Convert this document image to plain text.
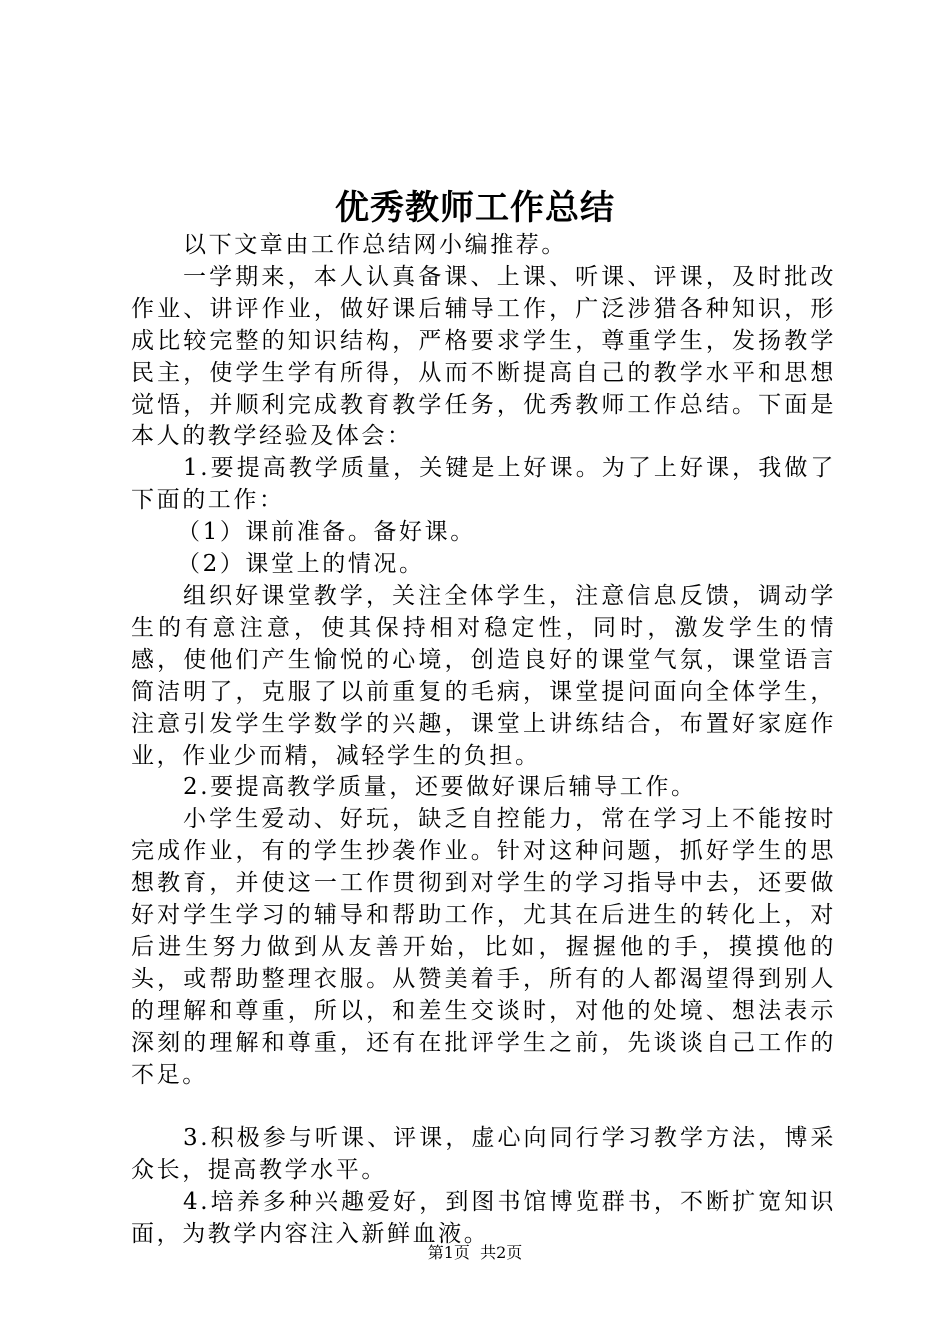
优秀教师工作总结

以下文章由工作总结网小编推荐。

一学期来，本人认真备课、上课、听课、评课，及时批改作业、讲评作业，做好课后辅导工作，广泛涉猎各种知识，形成比较完整的知识结构，严格要求学生，尊重学生，发扬教学民主，使学生学有所得，从而不断提高自己的教学水平和思想觉悟，并顺利完成教育教学任务，优秀教师工作总结。下面是本人的教学经验及体会：

1.要提高教学质量，关键是上好课。为了上好课，我做了下面的工作：

（1）课前准备。备好课。

（2）课堂上的情况。

组织好课堂教学，关注全体学生，注意信息反馈，调动学生的有意注意，使其保持相对稳定性，同时，激发学生的情感，使他们产生愉悦的心境，创造良好的课堂气氛，课堂语言简洁明了，克服了以前重复的毛病，课堂提问面向全体学生，注意引发学生学数学的兴趣，课堂上讲练结合，布置好家庭作业，作业少而精，减轻学生的负担。

2.要提高教学质量，还要做好课后辅导工作。

小学生爱动、好玩，缺乏自控能力，常在学习上不能按时完成作业，有的学生抄袭作业。针对这种问题，抓好学生的思想教育，并使这一工作贯彻到对学生的学习指导中去，还要做好对学生学习的辅导和帮助工作，尤其在后进生的转化上，对后进生努力做到从友善开始，比如，握握他的手，摸摸他的头，或帮助整理衣服。从赞美着手，所有的人都渴望得到别人的理解和尊重，所以，和差生交谈时，对他的处境、想法表示深刻的理解和尊重，还有在批评学生之前，先谈谈自己工作的不足。

3.积极参与听课、评课，虚心向同行学习教学方法，博采众长，提高教学水平。

4.培养多种兴趣爱好，到图书馆博览群书，不断扩宽知识面，为教学内容注入新鲜血液。

第1页  共2页
